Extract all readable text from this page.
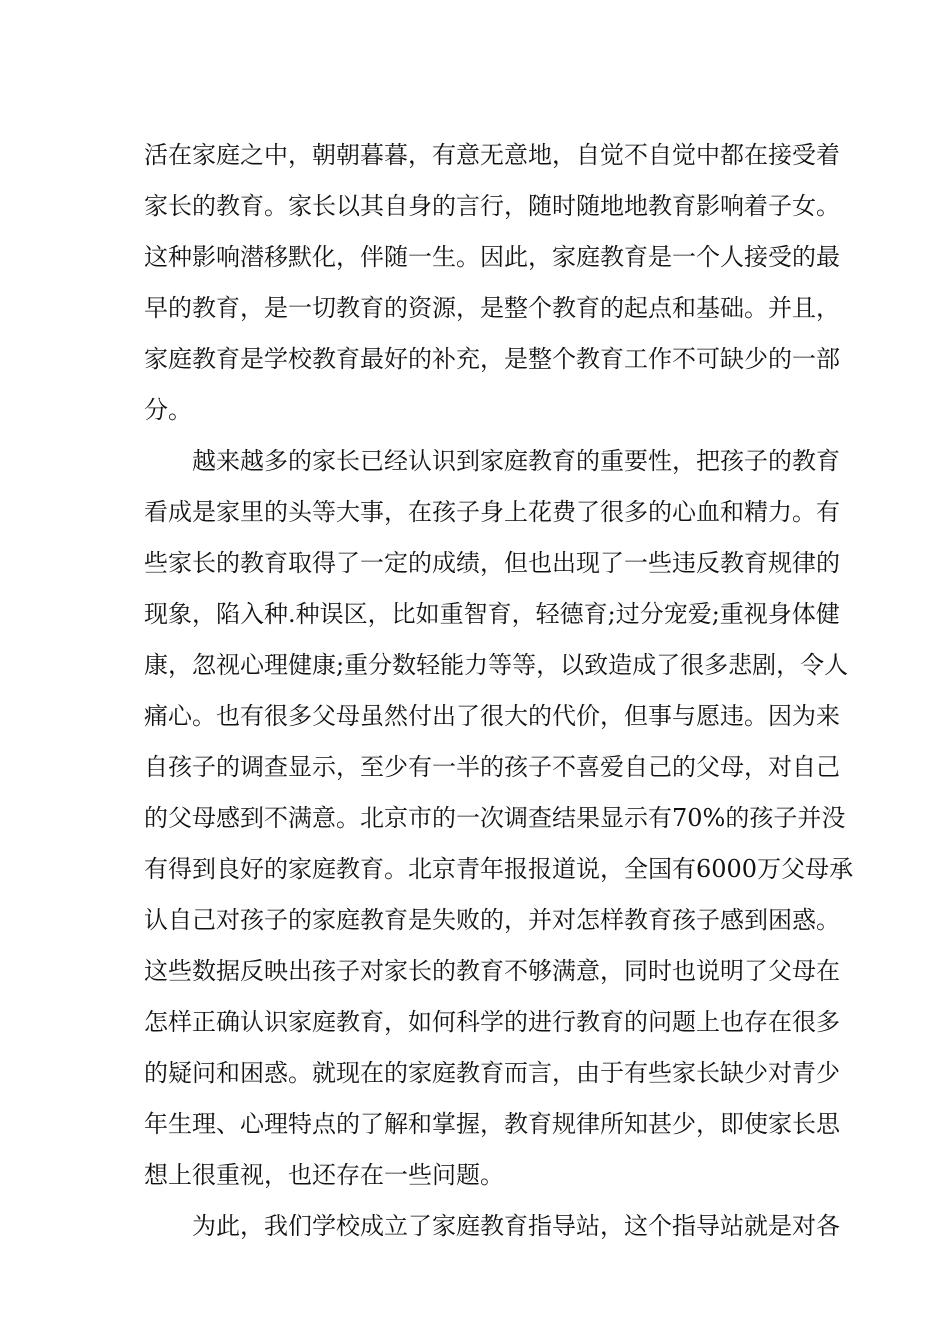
活在家庭之中，朝朝暮暮，有意无意地，自觉不自觉中都在接受着
家长的教育。家长以其自身的言行，随时随地地教育影响着子女。
这种影响潜移默化，伴随一生。因此，家庭教育是一个人接受的最
早的教育，是一切教育的资源，是整个教育的起点和基础。并且，
家庭教育是学校教育最好的补充，是整个教育工作不可缺少的一部
分。
越来越多的家长已经认识到家庭教育的重要性，把孩子的教育
看成是家里的头等大事，在孩子身上花费了很多的心血和精力。有
些家长的教育取得了一定的成绩，但也出现了一些违反教育规律的
现象，陷入种.种误区，比如重智育，轻德育;过分宠爱;重视身体健
康，忽视心理健康;重分数轻能力等等，以致造成了很多悲剧，令人
痛心。也有很多父母虽然付出了很大的代价，但事与愿违。因为来
自孩子的调查显示，至少有一半的孩子不喜爱自己的父母，对自己
的父母感到不满意。北京市的一次调查结果显示有70%的孩子并没
有得到良好的家庭教育。北京青年报报道说，全国有6000万父母承
认自己对孩子的家庭教育是失败的，并对怎样教育孩子感到困惑。
这些数据反映出孩子对家长的教育不够满意，同时也说明了父母在
怎样正确认识家庭教育，如何科学的进行教育的问题上也存在很多
的疑问和困惑。就现在的家庭教育而言，由于有些家长缺少对青少
年生理、心理特点的了解和掌握，教育规律所知甚少，即使家长思
想上很重视，也还存在一些问题。
为此，我们学校成立了家庭教育指导站，这个指导站就是对各
